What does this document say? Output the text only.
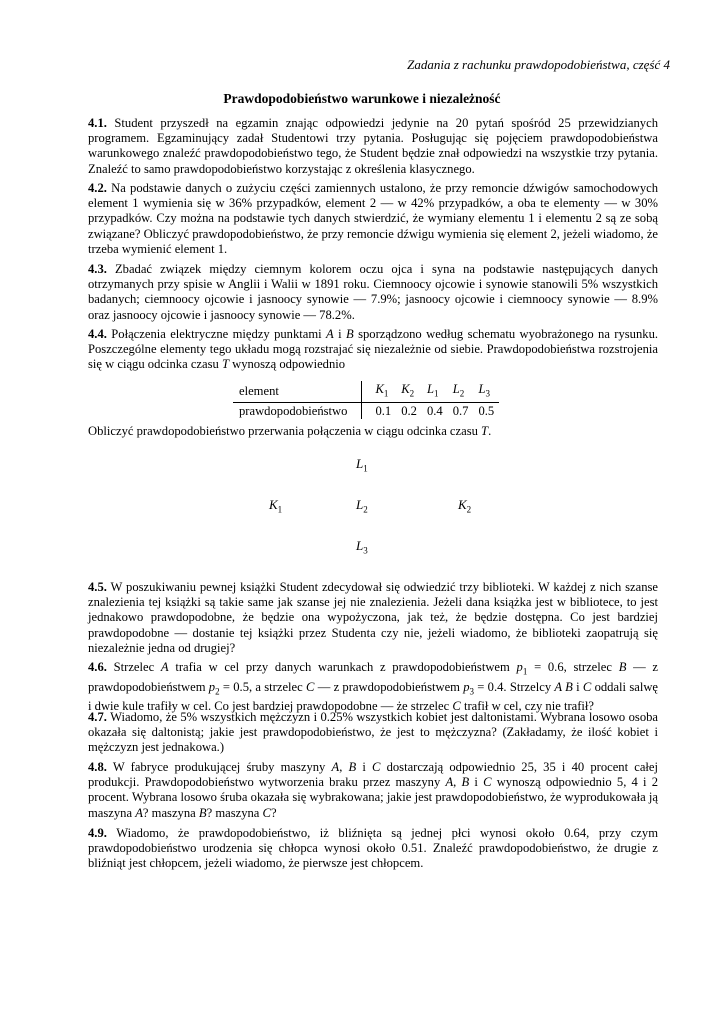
Zadania z rachunku prawdopodobieństwa, część 4
Prawdopodobieństwo warunkowe i niezależność
4.1. Student przyszedł na egzamin znając odpowiedzi jedynie na 20 pytań spośród 25 przewidzianych programem. Egzaminujący zadał Studentowi trzy pytania. Posługując się pojęciem prawdopodobieństwa warunkowego znaleźć prawdopodobieństwo tego, że Student będzie znał odpowiedzi na wszystkie trzy pytania. Znaleźć to samo prawdopodobieństwo korzystając z określenia klasycznego.
4.2. Na podstawie danych o zużyciu części zamiennych ustalono, że przy remoncie dźwigów samochodowych element 1 wymienia się w 36% przypadków, element 2 — w 42% przypadków, a oba te elementy — w 30% przypadków. Czy można na podstawie tych danych stwierdzić, że wymiany elementu 1 i elementu 2 są ze sobą związane? Obliczyć prawdopodobieństwo, że przy remoncie dźwigu wymienia się element 2, jeżeli wiadomo, że trzeba wymienić element 1.
4.3. Zbadać związek między ciemnym kolorem oczu ojca i syna na podstawie następujących danych otrzymanych przy spisie w Anglii i Walii w 1891 roku. Ciemnoocy ojcowie i synowie stanowili 5% wszystkich badanych; ciemnoocy ojcowie i jasnoocy synowie — 7.9%; jasnoocy ojcowie i ciemnoocy synowie — 8.9% oraz jasnoocy ojcowie i jasnoocy synowie — 78.2%.
4.4. Połączenia elektryczne między punktami A i B sporządzono według schematu wyobrażonego na rysunku. Poszczególne elementy tego układu mogą rozstrajać się niezależnie od siebie. Prawdopodobieństwa rozstrojenia się w ciągu odcinka czasu T wynoszą odpowiednio
element		$K_1$	$K_2$	$L_1$	$L_2$	$L_3$
prawdopodobieństwo		0.1	0.2	0.4	0.7	0.5
Obliczyć prawdopodobieństwo przerwania połączenia w ciągu odcinka czasu T.
$L_1$
$K_1$	$L_2$	$K_2$
$L_3$
4.5. W poszukiwaniu pewnej książki Student zdecydował się odwiedzić trzy biblioteki. W każdej z nich szanse znalezienia tej książki są takie same jak szanse jej nie znalezienia. Jeżeli dana książka jest w bibliotece, to jest jednakowo prawdopodobne, że będzie ona wypożyczona, jak też, że będzie dostępna. Co jest bardziej prawdopodobne — dostanie tej książki przez Studenta czy nie, jeżeli wiadomo, że biblioteki zaopatrują się niezależnie jedna od drugiej?
4.6. Strzelec A trafia w cel przy danych warunkach z prawdopodobieństwem $p_1 = 0.6$, strzelec B — z prawdopodobieństwem $p_2 = 0.5$, a strzelec C — z prawdopodobieństwem $p_3 = 0.4$. Strzelcy A B i C oddali salwę i dwie kule trafiły w cel. Co jest bardziej prawdopodobne — że strzelec C trafił w cel, czy nie trafił?
4.7. Wiadomo, że 5% wszystkich mężczyzn i 0.25% wszystkich kobiet jest daltonistami. Wybrana losowo osoba okazała się daltonistą; jakie jest prawdopodobieństwo, że jest to mężczyzna? (Zakładamy, że ilość kobiet i mężczyzn jest jednakowa.)
4.8. W fabryce produkującej śruby maszyny A, B i C dostarczają odpowiednio 25, 35 i 40 procent całej produkcji. Prawdopodobieństwo wytworzenia braku przez maszyny A, B i C wynoszą odpowiednio 5, 4 i 2 procent. Wybrana losowo śruba okazała się wybrakowana; jakie jest prawdopodobieństwo, że wyprodukowała ją maszyna A? maszyna B? maszyna C?
4.9. Wiadomo, że prawdopodobieństwo, iż bliźnięta są jednej płci wynosi około 0.64, przy czym prawdopodobieństwo urodzenia się chłopca wynosi około 0.51. Znaleźć prawdopodobieństwo, że drugie z bliźniąt jest chłopcem, jeżeli wiadomo, że pierwsze jest chłopcem.
